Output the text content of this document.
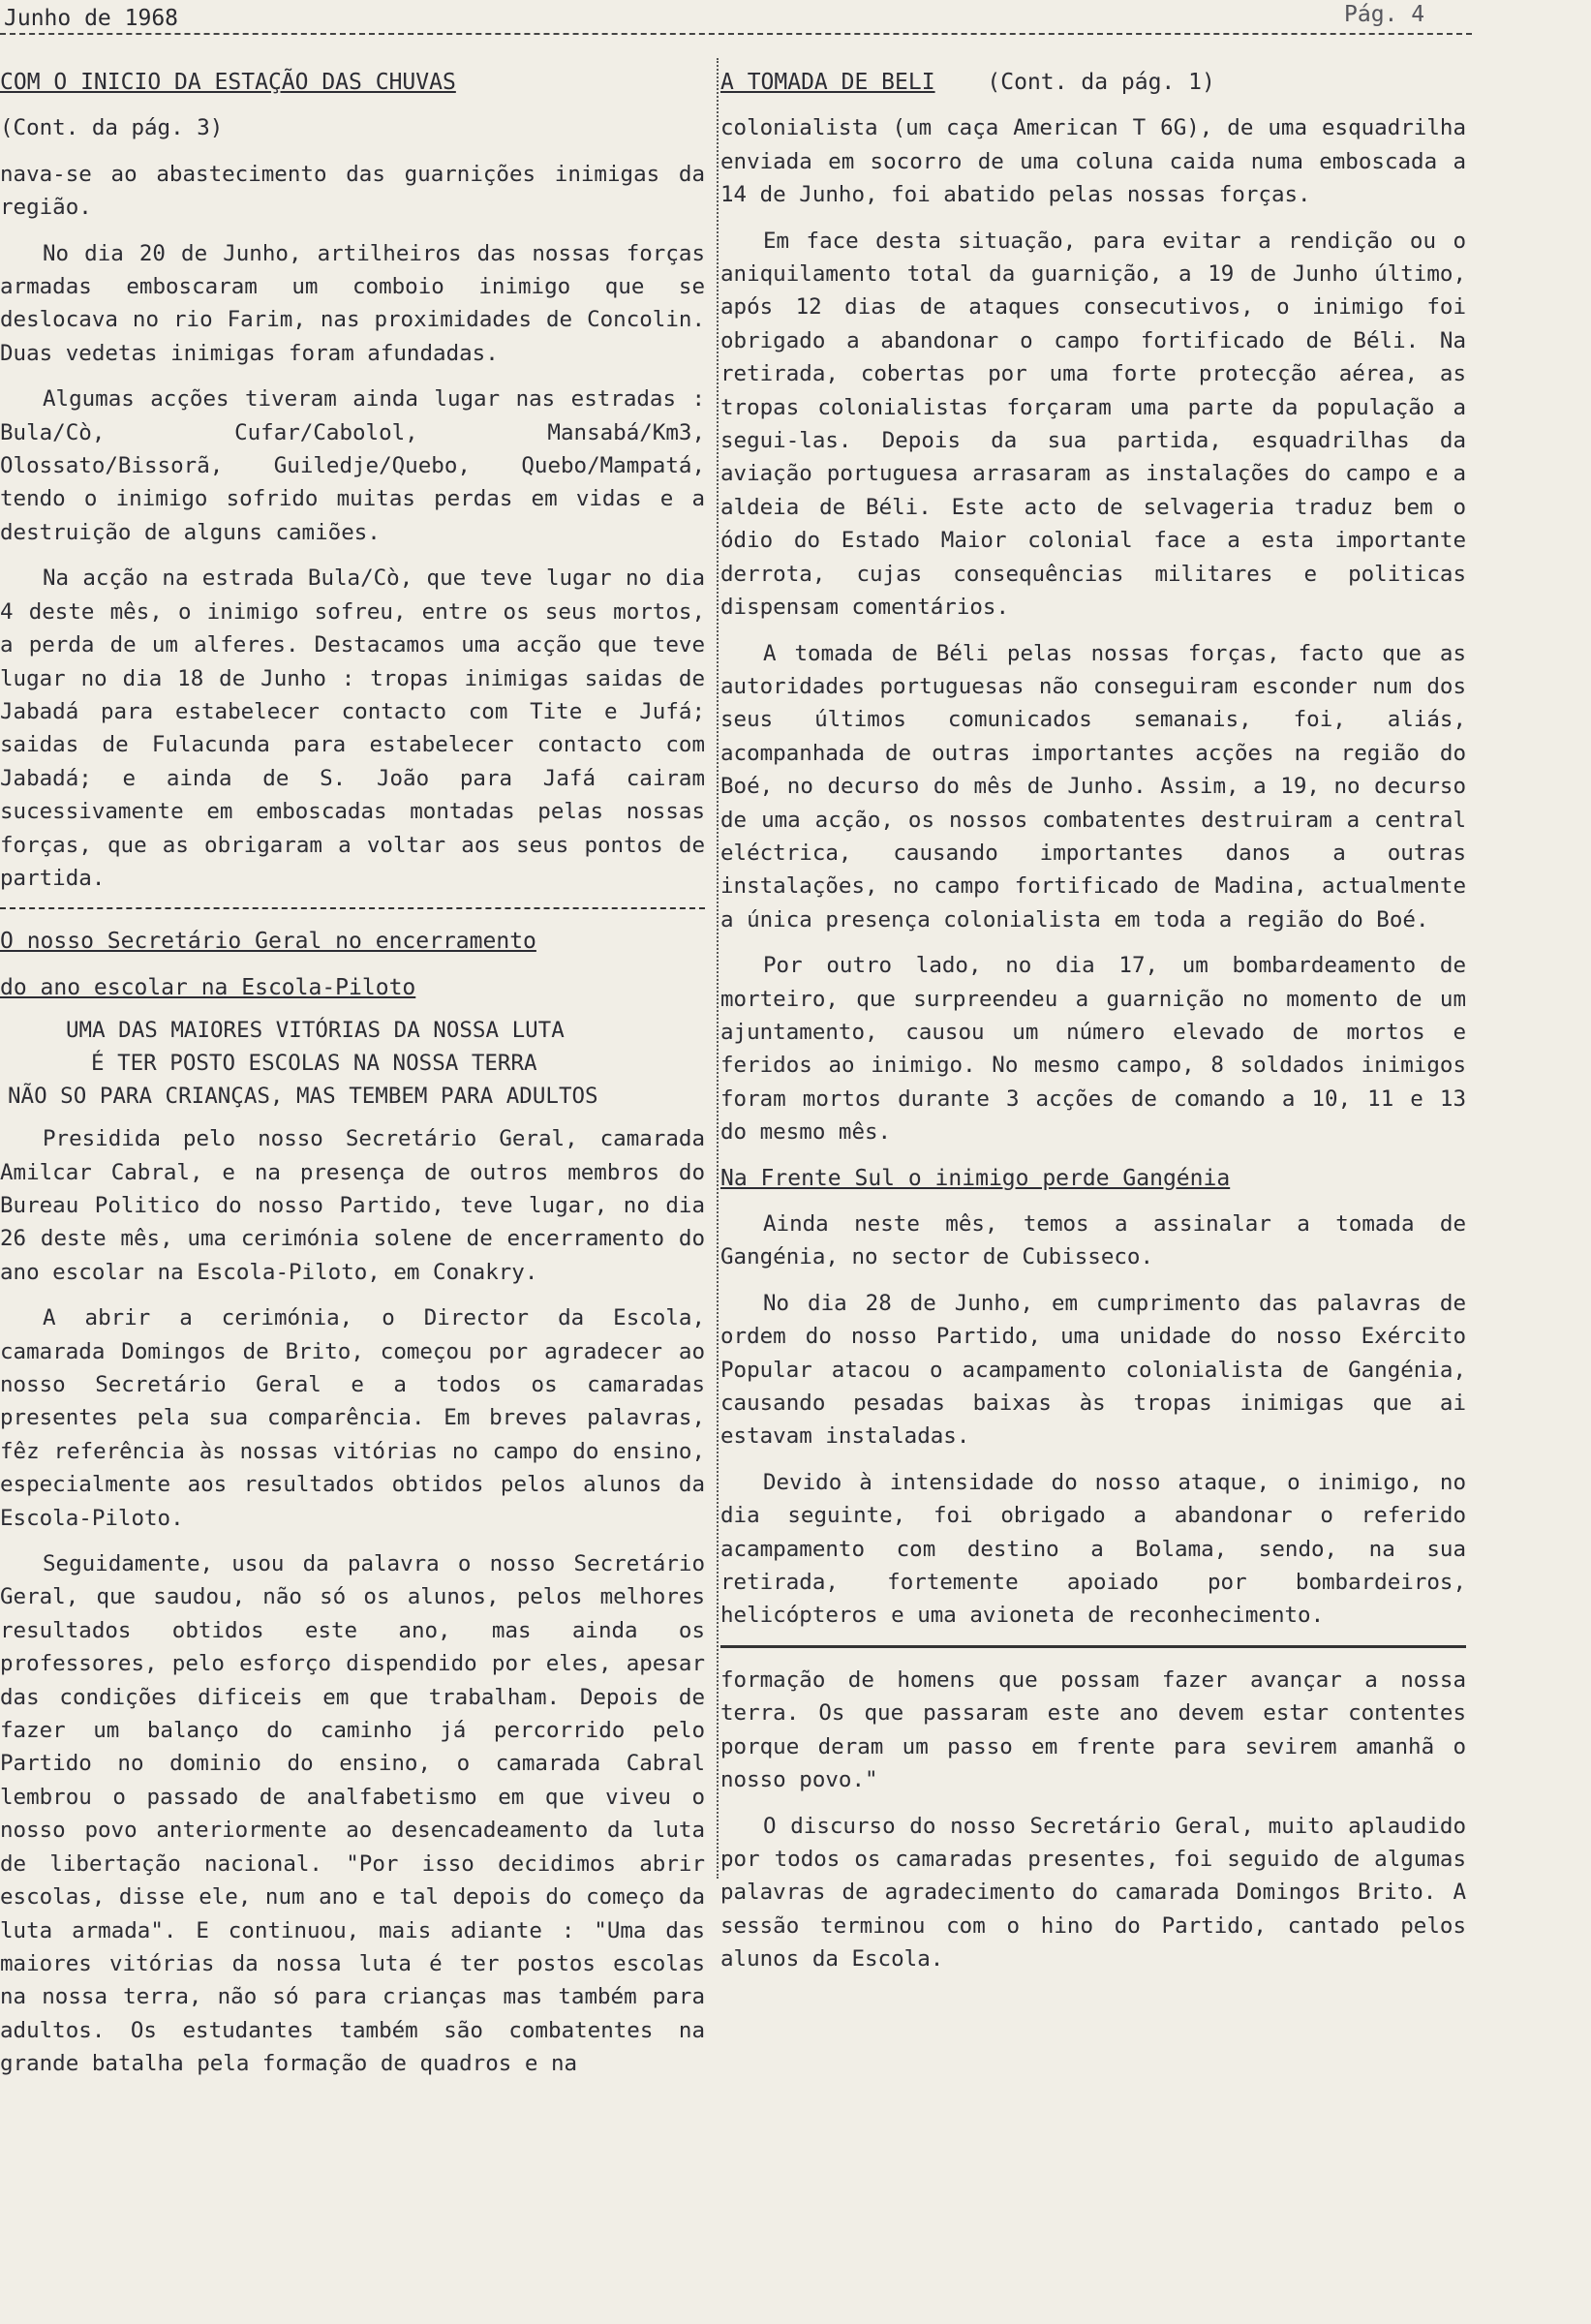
Junho de 1968	Pág. 4

COM O INICIO DA ESTAÇÃO DAS CHUVAS

(Cont. da pág. 3)

nava-se ao abastecimento das guarnições inimigas da região.

No dia 20 de Junho, artilheiros das nossas forças armadas emboscaram um comboio inimigo que se deslocava no rio Farim, nas proximidades de Concolin. Duas vedetas inimigas foram afundadas.

Algumas acções tiveram ainda lugar nas estradas : Bula/Cò, Cufar/Cabolol, Mansabá/Km3, Olossato/Bissorã, Guiledje/Quebo, Quebo/Mampatá, tendo o inimigo sofrido muitas perdas em vidas e a destruição de alguns camiões.

Na acção na estrada Bula/Cò, que teve lugar no dia 4 deste mês, o inimigo sofreu, entre os seus mortos, a perda de um alferes. Destacamos uma acção que teve lugar no dia 18 de Junho : tropas inimigas saidas de Jabadá para estabelecer contacto com Tite e Jufá; saidas de Fulacunda para estabelecer contacto com Jabadá; e ainda de S. João para Jafá cairam sucessivamente em emboscadas montadas pelas nossas forças, que as obrigaram a voltar aos seus pontos de partida.

O nosso Secretário Geral no encerramento

do ano escolar na Escola-Piloto

UMA DAS MAIORES VITÓRIAS DA NOSSA LUTA
É TER POSTO ESCOLAS NA NOSSA TERRA
NÃO SO PARA CRIANÇAS, MAS TEMBEM PARA ADULTOS

Presidida pelo nosso Secretário Geral, camarada Amilcar Cabral, e na presença de outros membros do Bureau Politico do nosso Partido, teve lugar, no dia 26 deste mês, uma cerimónia solene de encerramento do ano escolar na Escola-Piloto, em Conakry.

A abrir a cerimónia, o Director da Escola, camarada Domingos de Brito, começou por agradecer ao nosso Secretário Geral e a todos os camaradas presentes pela sua comparência. Em breves palavras, fêz referência às nossas vitórias no campo do ensino, especialmente aos resultados obtidos pelos alunos da Escola-Piloto.

Seguidamente, usou da palavra o nosso Secretário Geral, que saudou, não só os alunos, pelos melhores resultados obtidos este ano, mas ainda os professores, pelo esforço dispendido por eles, apesar das condições dificeis em que trabalham. Depois de fazer um balanço do caminho já percorrido pelo Partido no dominio do ensino, o camarada Cabral lembrou o passado de analfabetismo em que viveu o nosso povo anteriormente ao desencadeamento da luta de libertação nacional. "Por isso decidimos abrir escolas, disse ele, num ano e tal depois do começo da luta armada". E continuou, mais adiante : "Uma das maiores vitórias da nossa luta é ter postos escolas na nossa terra, não só para crianças mas também para adultos. Os estudantes também são combatentes na grande batalha pela formação de quadros e na

A TOMADA DE BELI (Cont. da pág. 1)

colonialista (um caça American T 6G), de uma esquadrilha enviada em socorro de uma coluna caida numa emboscada a 14 de Junho, foi abatido pelas nossas forças.

Em face desta situação, para evitar a rendição ou o aniquilamento total da guarnição, a 19 de Junho último, após 12 dias de ataques consecutivos, o inimigo foi obrigado a abandonar o campo fortificado de Béli. Na retirada, cobertas por uma forte protecção aérea, as tropas colonialistas forçaram uma parte da população a segui-las. Depois da sua partida, esquadrilhas da aviação portuguesa arrasaram as instalações do campo e a aldeia de Béli. Este acto de selvageria traduz bem o ódio do Estado Maior colonial face a esta importante derrota, cujas consequências militares e politicas dispensam comentários.

A tomada de Béli pelas nossas forças, facto que as autoridades portuguesas não conseguiram esconder num dos seus últimos comunicados semanais, foi, aliás, acompanhada de outras importantes acções na região do Boé, no decurso do mês de Junho. Assim, a 19, no decurso de uma acção, os nossos combatentes destruiram a central eléctrica, causando importantes danos a outras instalações, no campo fortificado de Madina, actualmente a única presença colonialista em toda a região do Boé.

Por outro lado, no dia 17, um bombardeamento de morteiro, que surpreendeu a guarnição no momento de um ajuntamento, causou um número elevado de mortos e feridos ao inimigo. No mesmo campo, 8 soldados inimigos foram mortos durante 3 acções de comando a 10, 11 e 13 do mesmo mês.

Na Frente Sul o inimigo perde Gangénia

Ainda neste mês, temos a assinalar a tomada de Gangénia, no sector de Cubisseco.

No dia 28 de Junho, em cumprimento das palavras de ordem do nosso Partido, uma unidade do nosso Exército Popular atacou o acampamento colonialista de Gangénia, causando pesadas baixas às tropas inimigas que ai estavam instaladas.

Devido à intensidade do nosso ataque, o inimigo, no dia seguinte, foi obrigado a abandonar o referido acampamento com destino a Bolama, sendo, na sua retirada, fortemente apoiado por bombardeiros, helicópteros e uma avioneta de reconhecimento.

formação de homens que possam fazer avançar a nossa terra. Os que passaram este ano devem estar contentes porque deram um passo em frente para sevirem amanhã o nosso povo."

O discurso do nosso Secretário Geral, muito aplaudido por todos os camaradas presentes, foi seguido de algumas palavras de agradecimento do camarada Domingos Brito. A sessão terminou com o hino do Partido, cantado pelos alunos da Escola.
